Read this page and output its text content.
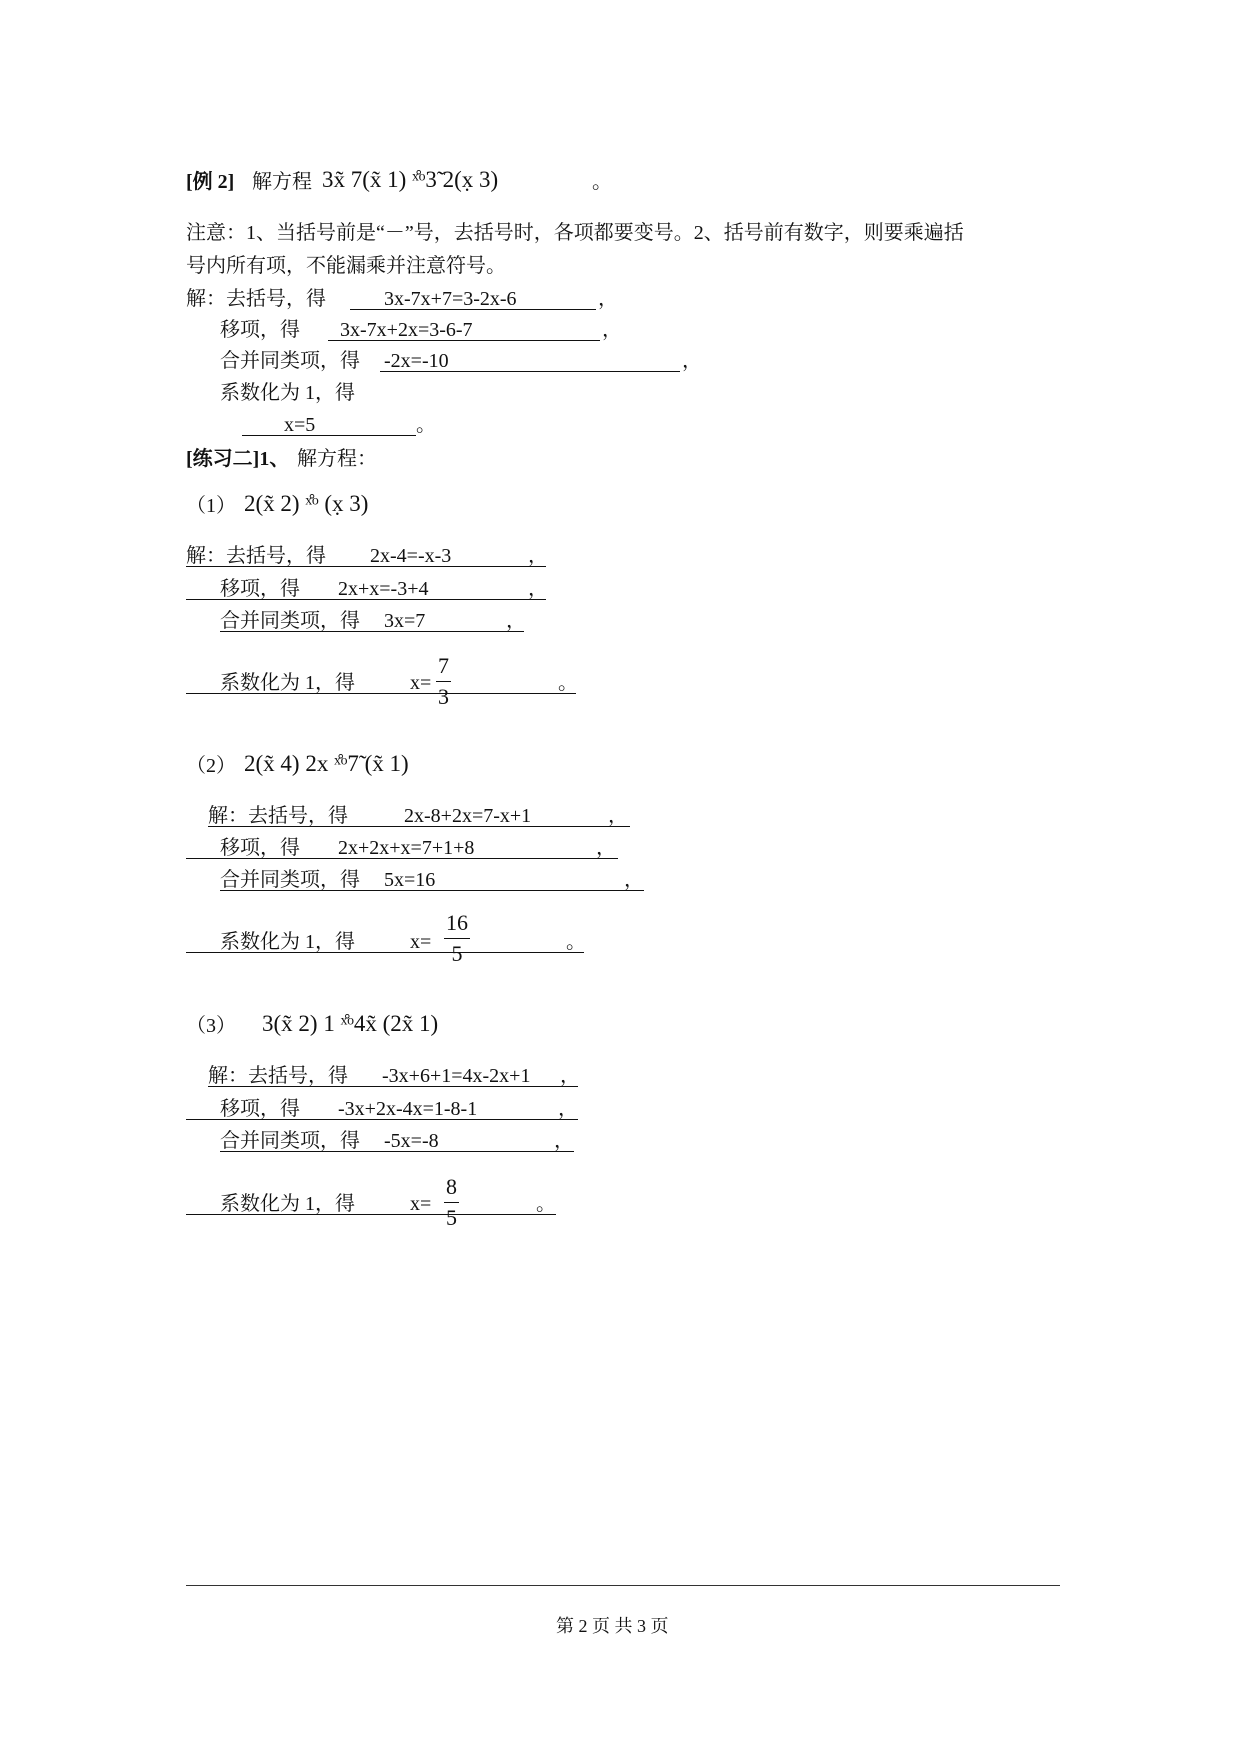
[例 2] 解方程 3x̃ 7(x̃ 1) ˣ̊ᵒ3̃ 2(x̣ 3)	。
注意：1、当括号前是“－”号，去括号时，各项都要变号。2、括号前有数字，则要乘遍括
号内所有项，不能漏乘并注意符号。
解：去括号，得	3x-7x+7=3-2x-6	，
移项，得 3x-7x+2x=3-6-7	，
合并同类项，得 -2x=-10	，
系数化为 1，得
x=5	。
[练习二]1、 解方程：
（1） 2(x̃ 2) ˣ̊ᵒ (x̣ 3)
解：去括号，得 2x-4=-x-3	，
移项，得 2x+x=-3+4	，
合并同类项，得 3x=7	，
系数化为 1，得	$x= \frac{7}{3}$	。
（2） 2(x̃ 4) 2x ˣ̊ᵒ7̃ (x̃ 1)
解：去括号，得	2x-8+2x=7-x+1	，
移项，得 2x+2x+x=7+1+8	，
合并同类项，得 5x=16	，
系数化为 1，得	$x= \frac{16}{5}$	。
（3） 3(x̃ 2) 1 ˣ̊ᵒ4x̃ (2x̃ 1)
解：去括号，得 -3x+6+1=4x-2x+1 ，
移项，得 -3x+2x-4x=1-8-1	，
合并同类项，得 -5x=-8	，
系数化为 1，得	$x= \frac{8}{5}$	。
第 2 页 共 3 页
